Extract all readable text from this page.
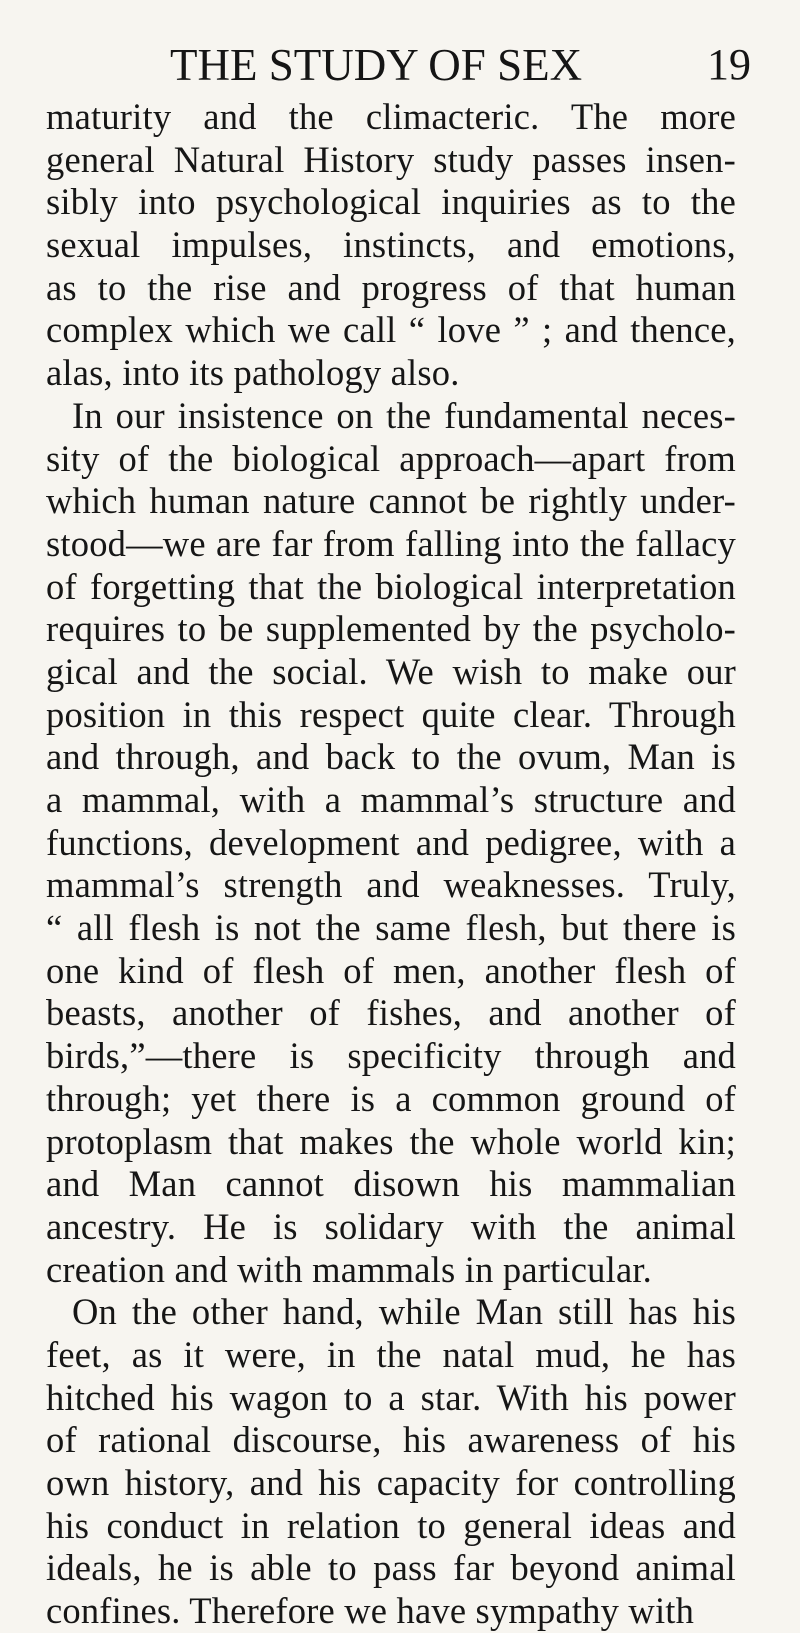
THE STUDY OF SEX	19
maturity and the climacteric. The more
general Natural History study passes insen-
sibly into psychological inquiries as to the
sexual impulses, instincts, and emotions,
as to the rise and progress of that human
complex which we call “ love ” ; and thence,
alas, into its pathology also.
In our insistence on the fundamental neces-
sity of the biological approach—apart from
which human nature cannot be rightly under-
stood—we are far from falling into the fallacy
of forgetting that the biological interpretation
requires to be supplemented by the psycholo-
gical and the social. We wish to make our
position in this respect quite clear. Through
and through, and back to the ovum, Man is
a mammal, with a mammal’s structure and
functions, development and pedigree, with a
mammal’s strength and weaknesses. Truly,
“ all flesh is not the same flesh, but there is
one kind of flesh of men, another flesh of
beasts, another of fishes, and another of
birds,”—there is specificity through and
through; yet there is a common ground of
protoplasm that makes the whole world kin;
and Man cannot disown his mammalian
ancestry. He is solidary with the animal
creation and with mammals in particular.
On the other hand, while Man still has his
feet, as it were, in the natal mud, he has
hitched his wagon to a star. With his power
of rational discourse, his awareness of his
own history, and his capacity for controlling
his conduct in relation to general ideas and
ideals, he is able to pass far beyond animal
confines. Therefore we have sympathy with
